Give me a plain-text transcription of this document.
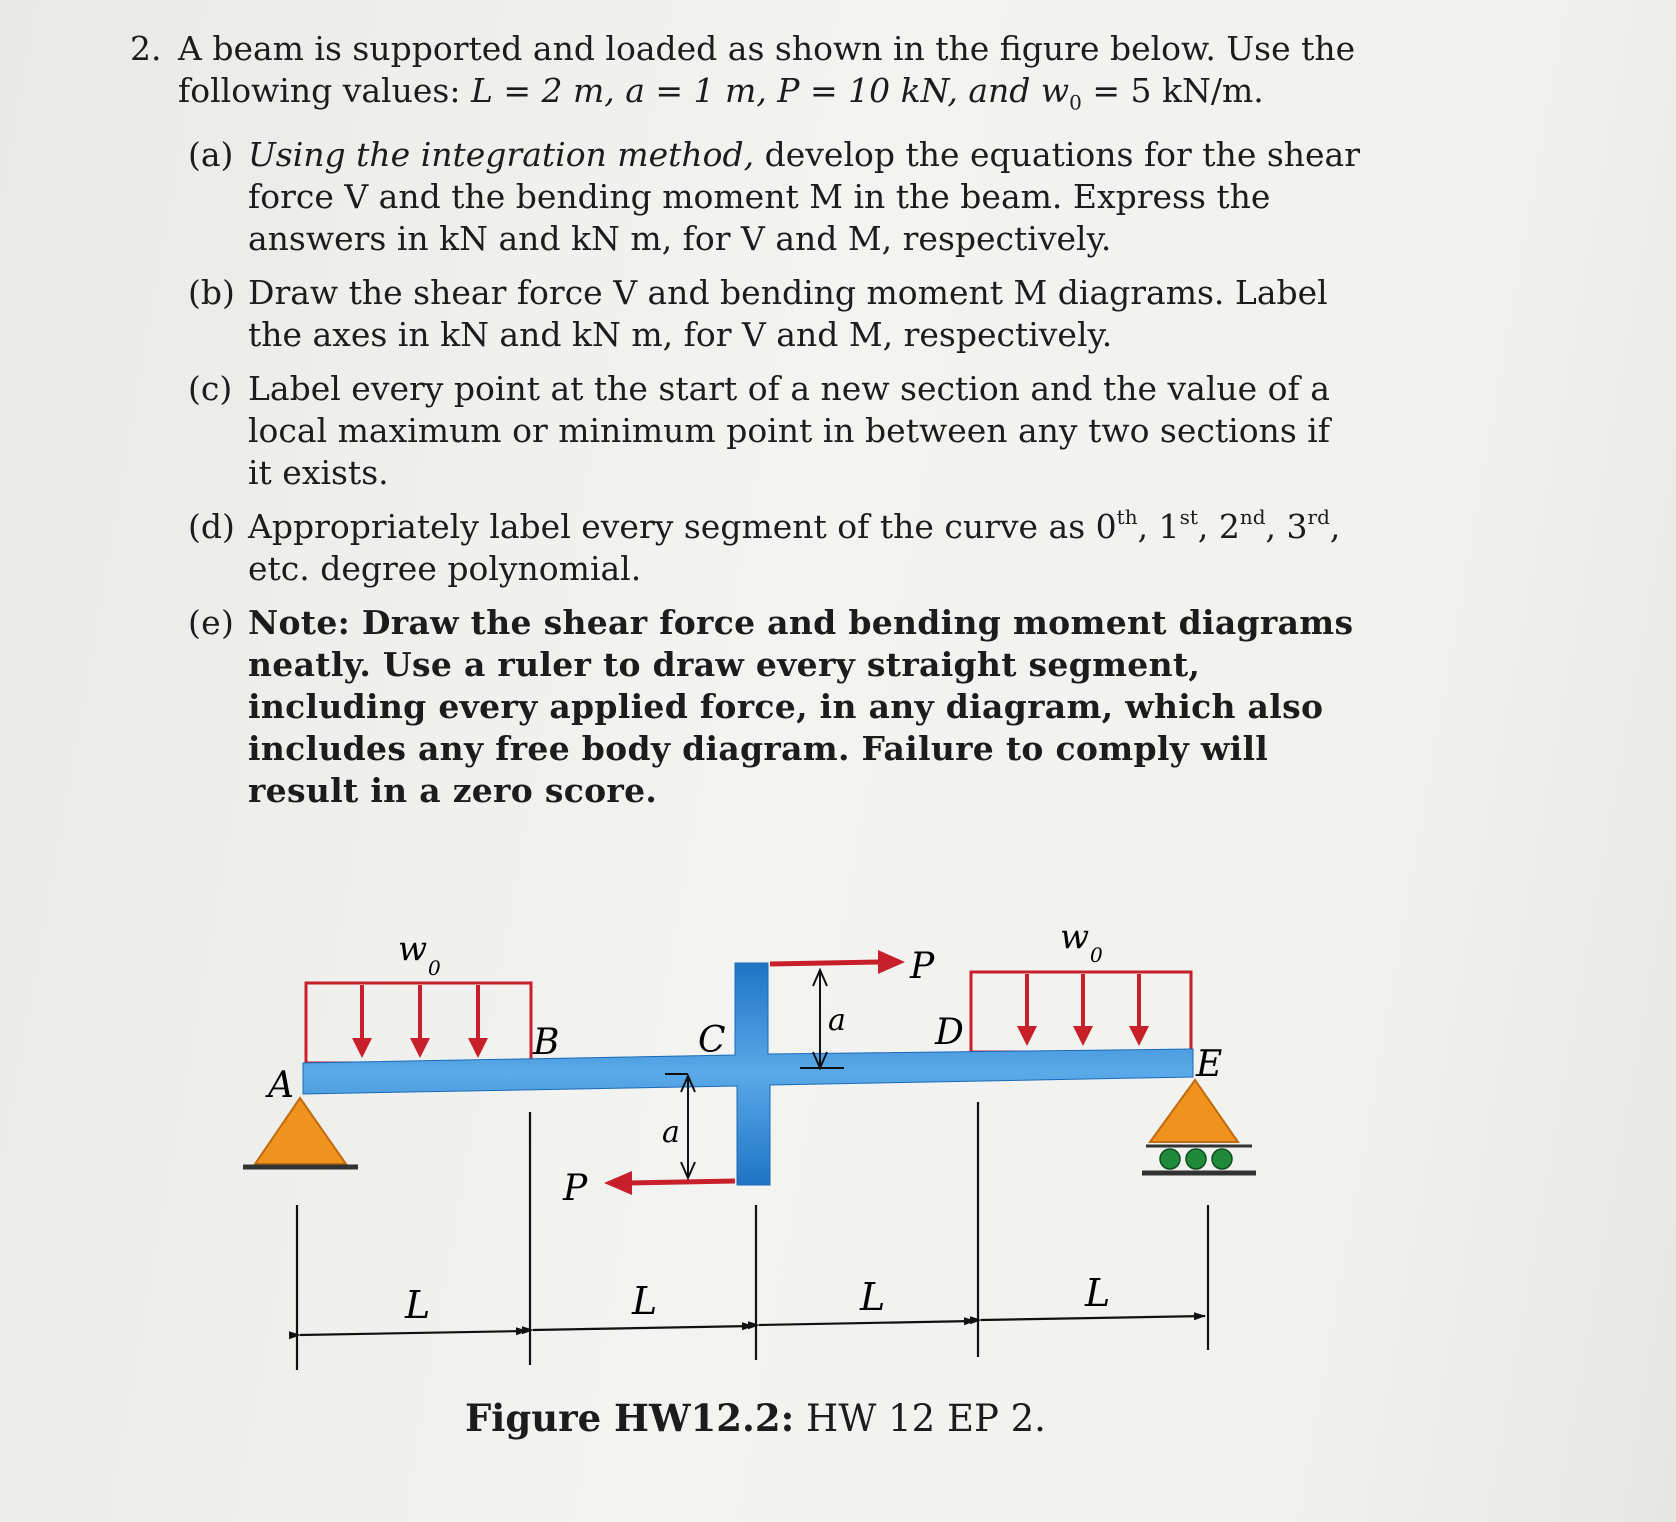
2. A beam is supported and loaded as shown in the figure below. Use the following values: L = 2 m, a = 1 m, P = 10 kN, and $w_0 = 5$ kN/m.
(a) Using the integration method, develop the equations for the shear force V and the bending moment M in the beam. Express the answers in kN and kN m, for V and M, respectively.
(b) Draw the shear force V and bending moment M diagrams. Label the axes in kN and kN m, for V and M, respectively.
(c) Label every point at the start of a new section and the value of a local maximum or minimum point in between any two sections if it exists.
(d) Appropriately label every segment of the curve as 0th, 1st, 2nd, 3rd, etc. degree polynomial.
(e) Note: Draw the shear force and bending moment diagrams neatly. Use a ruler to draw every straight segment, including every applied force, in any diagram, which also includes any free body diagram. Failure to comply will result in a zero score.
w 0
w 0
P
P
a
a
A
B	C	D
E
L	L	L	L
Figure HW12.2: HW 12 EP 2.
